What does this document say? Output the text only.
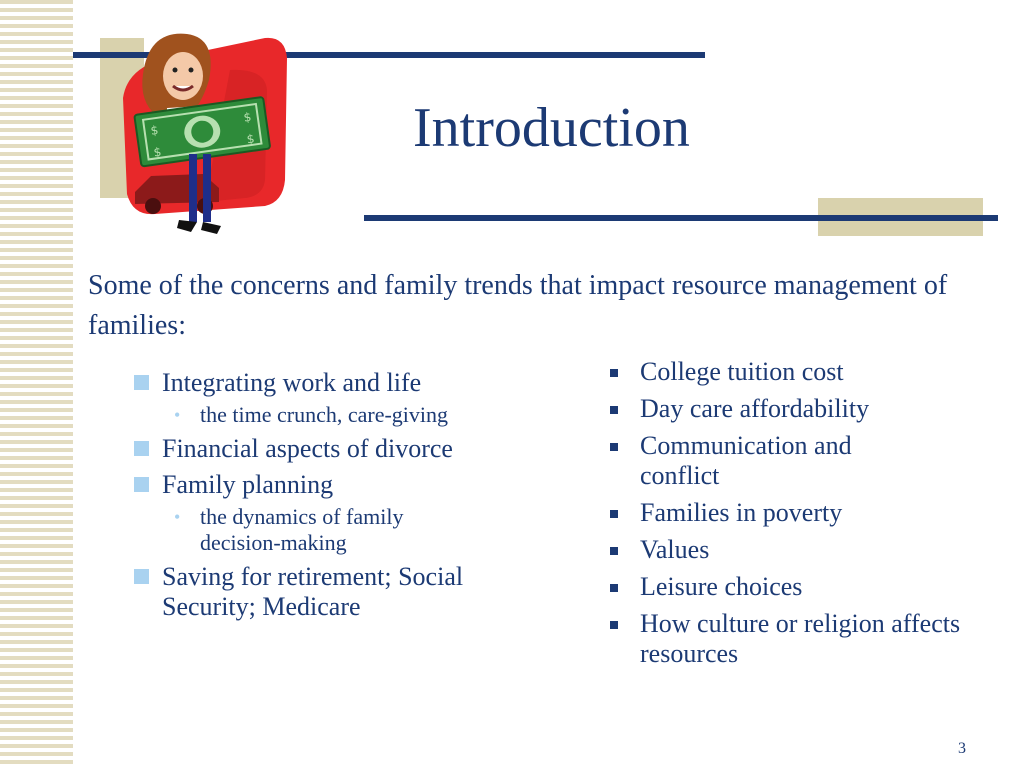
$
$
$
$	Introduction
Some of the concerns and family trends that impact resource management of families:
Integrating work and life
• the time crunch, care-giving
Financial aspects of divorce
Family planning
• the dynamics of family decision-making
Saving for retirement; Social Security; Medicare
College tuition cost
Day care affordability
Communication and conflict
Families in poverty
Values
Leisure choices
How culture or religion affects resources
3
